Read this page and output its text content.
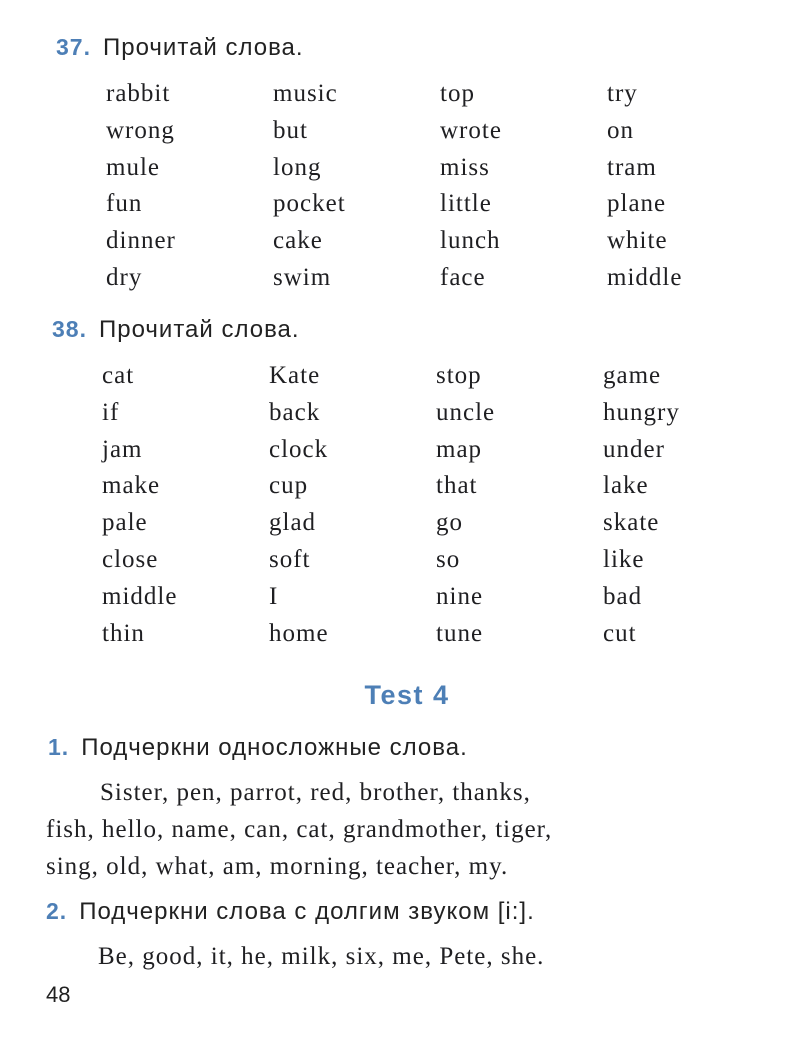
37. Прочитай слова.
rabbit
wrong
mule
fun
dinner
dry
music
but
long
pocket
cake
swim
top
wrote
miss
little
lunch
face
try
on
tram
plane
white
middle
38. Прочитай слова.
cat
if
jam
make
pale
close
middle
thin
Kate
back
clock
cup
glad
soft
I
home
stop
uncle
map
that
go
so
nine
tune
game
hungry
under
lake
skate
like
bad
cut
Test 4
1. Подчеркни односложные слова.
Sister, pen, parrot, red, brother, thanks,
fish, hello, name, can, cat, grandmother, tiger,
sing, old, what, am, morning, teacher, my.
2. Подчеркни слова с долгим звуком [i:].
Be, good, it, he, milk, six, me, Pete, she.
48
